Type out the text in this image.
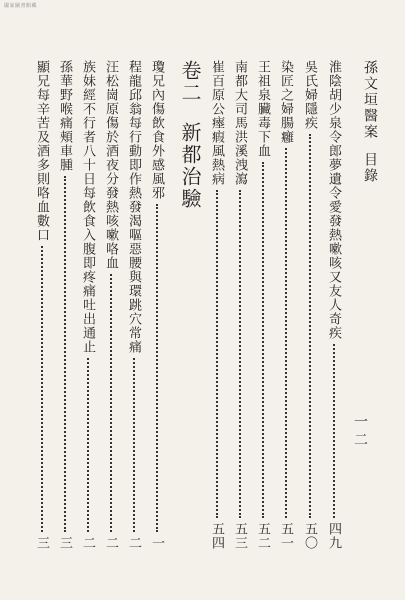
國家圖書館藏
孫文垣醫案目錄
一二
淮陰胡少泉令郎夢遺令愛發熱嗽咳又友人奇疾
四九
吳氏婦隱疾
五〇
染匠之婦腸癰
五一
王祖泉臟毒下血
五二
南都大司馬洪溪洩瀉
五三
崔百原公瘞瘕風熱病
五四
卷二新都治驗
瓊兄內傷飲食外感風邪
一
程龍邱翁每行動即作熱發渴嘔惡腰與環跳穴常痛
二
汪松崗原傷於酒夜分發熱咳嗽咯血
二
族妹經不行者八十日每飲食入腹即疼痛吐出通止
二
孫華野喉痛頰車腫
三
顯兄每辛苦及酒多則咯血數口
三
